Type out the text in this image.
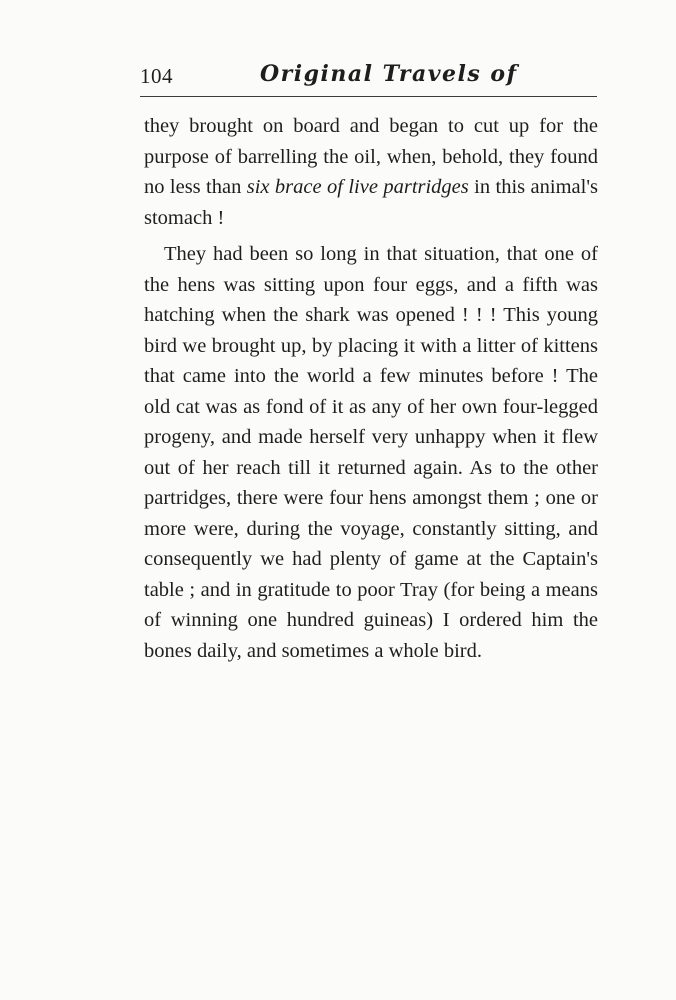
104	Original Travels of

they brought on board and began to cut up for the purpose of barrelling the oil, when, behold, they found no less than six brace of live partridges in this animal's stomach !

They had been so long in that situation, that one of the hens was sitting upon four eggs, and a fifth was hatching when the shark was opened ! ! ! This young bird we brought up, by placing it with a litter of kittens that came into the world a few minutes before ! The old cat was as fond of it as any of her own four-legged progeny, and made herself very unhappy when it flew out of her reach till it returned again. As to the other partridges, there were four hens amongst them ; one or more were, during the voyage, constantly sitting, and consequently we had plenty of game at the Captain's table ; and in gratitude to poor Tray (for being a means of winning one hundred guineas) I ordered him the bones daily, and sometimes a whole bird.
